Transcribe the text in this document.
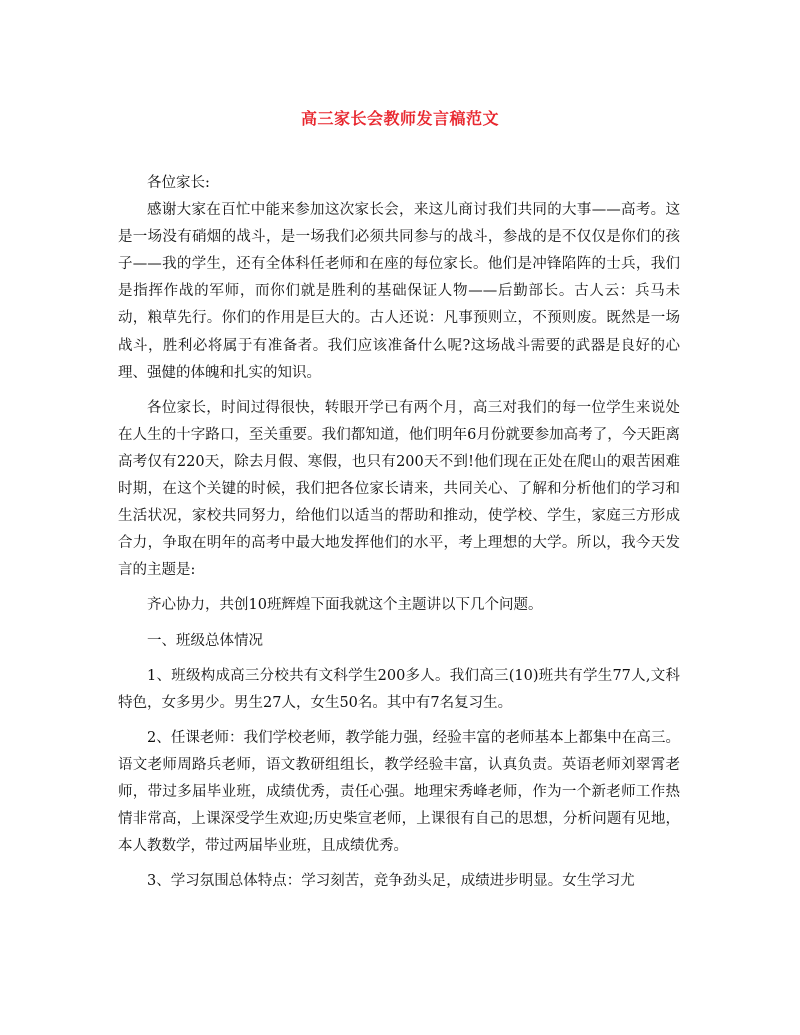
高三家长会教师发言稿范文

各位家长:

感谢大家在百忙中能来参加这次家长会，来这儿商讨我们共同的大事——高考。这是一场没有硝烟的战斗，是一场我们必须共同参与的战斗，参战的是不仅仅是你们的孩子——我的学生，还有全体科任老师和在座的每位家长。他们是冲锋陷阵的士兵，我们是指挥作战的军师，而你们就是胜利的基础保证人物——后勤部长。古人云：兵马未动，粮草先行。你们的作用是巨大的。古人还说：凡事预则立，不预则废。既然是一场战斗，胜利必将属于有准备者。我们应该准备什么呢?这场战斗需要的武器是良好的心理、强健的体魄和扎实的知识。

各位家长，时间过得很快，转眼开学已有两个月，高三对我们的每一位学生来说处在人生的十字路口，至关重要。我们都知道，他们明年6月份就要参加高考了，今天距离高考仅有220天，除去月假、寒假，也只有200天不到!他们现在正处在爬山的艰苦困难时期，在这个关键的时候，我们把各位家长请来，共同关心、了解和分析他们的学习和生活状况，家校共同努力，给他们以适当的帮助和推动，使学校、学生，家庭三方形成合力，争取在明年的高考中最大地发挥他们的水平，考上理想的大学。所以，我今天发言的主题是:

齐心协力，共创10班辉煌下面我就这个主题讲以下几个问题。

一、班级总体情况

1、班级构成高三分校共有文科学生200多人。我们高三(10)班共有学生77人,文科特色，女多男少。男生27人，女生50名。其中有7名复习生。

2、任课老师：我们学校老师，教学能力强，经验丰富的老师基本上都集中在高三。语文老师周路兵老师，语文教研组组长，教学经验丰富，认真负责。英语老师刘翠霄老师，带过多届毕业班，成绩优秀，责任心强。地理宋秀峰老师，作为一个新老师工作热情非常高，上课深受学生欢迎;历史柴宣老师，上课很有自己的思想，分析问题有见地，本人教数学，带过两届毕业班，且成绩优秀。

3、学习氛围总体特点：学习刻苦，竞争劲头足，成绩进步明显。女生学习尤
